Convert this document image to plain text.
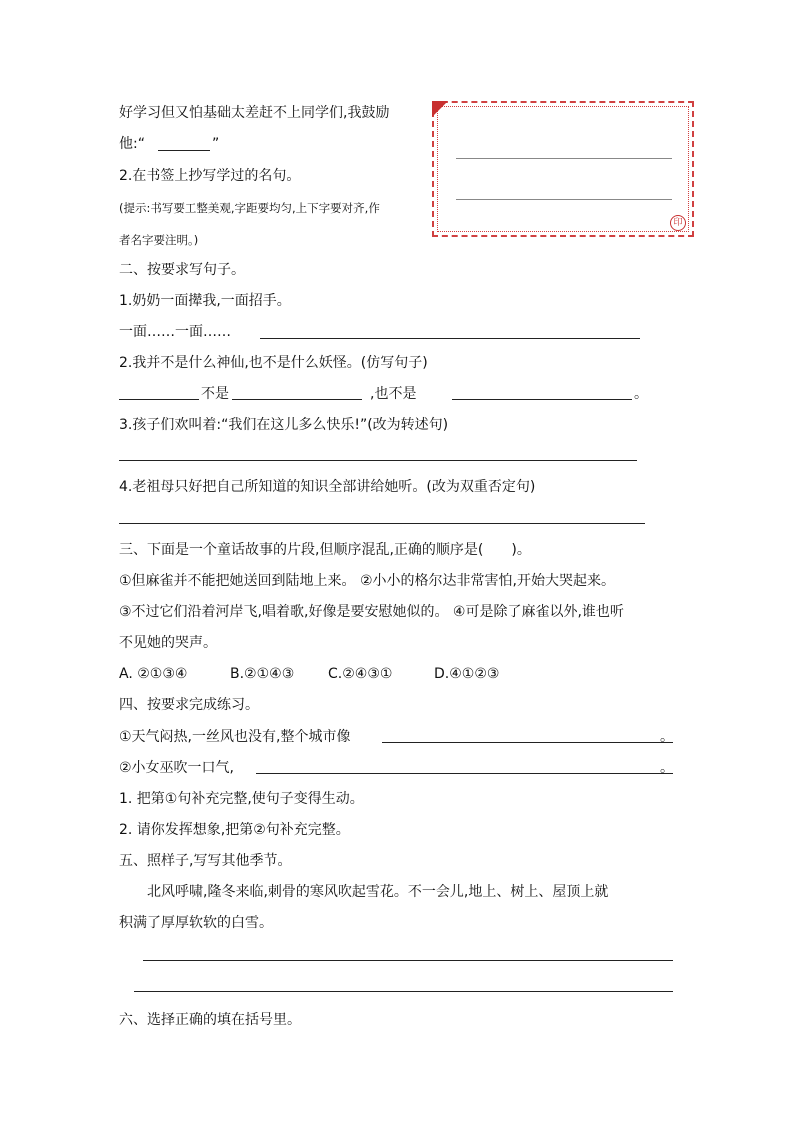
好学习但又怕基础太差赶不上同学们,我鼓励
他:“	”
2.在书签上抄写学过的名句。
(提示:书写要工整美观,字距要均匀,上下字要对齐,作
者名字要注明。)
印
二、按要求写句子。
1.奶奶一面撵我,一面招手。
一面……一面……
2.我并不是什么神仙,也不是什么妖怪。(仿写句子)
不是	,也不是	。
3.孩子们欢叫着:“我们在这儿多么快乐!”(改为转述句)
4.老祖母只好把自己所知道的知识全部讲给她听。(改为双重否定句)
三、下面是一个童话故事的片段,但顺序混乱,正确的顺序是(　　)。
①但麻雀并不能把她送回到陆地上来。 ②小小的格尔达非常害怕,开始大哭起来。
③不过它们沿着河岸飞,唱着歌,好像是要安慰她似的。 ④可是除了麻雀以外,谁也听
不见她的哭声。
A. ②①③④	B.②①④③ C.②④③①	D.④①②③
四、按要求完成练习。
①天气闷热,一丝风也没有,整个城市像	。
②小女巫吹一口气,	。
1. 把第①句补充完整,使句子变得生动。
2. 请你发挥想象,把第②句补充完整。
五、照样子,写写其他季节。
北风呼啸,隆冬来临,刺骨的寒风吹起雪花。不一会儿,地上、树上、屋顶上就
积满了厚厚软软的白雪。
六、选择正确的填在括号里。
